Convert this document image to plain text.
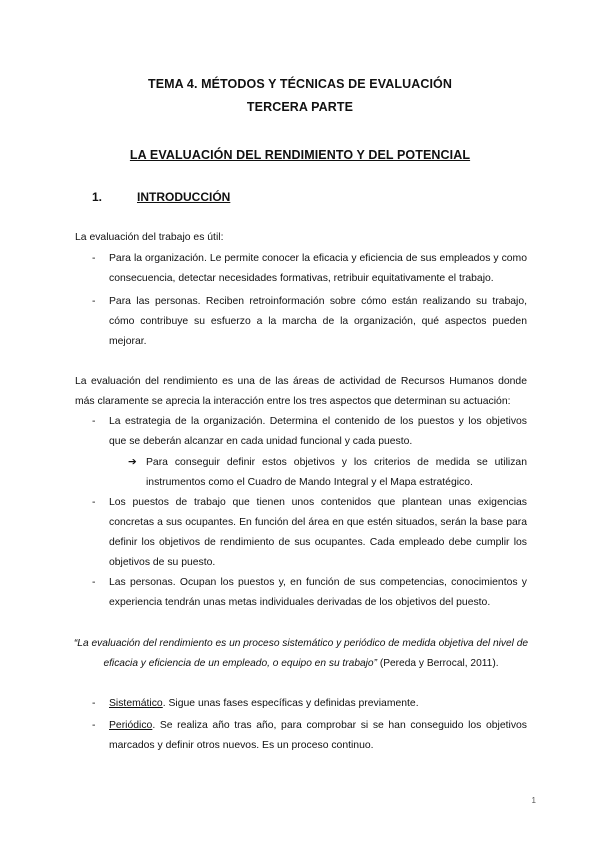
TEMA 4. MÉTODOS Y TÉCNICAS DE EVALUACIÓN
TERCERA PARTE
LA EVALUACIÓN DEL RENDIMIENTO Y DEL POTENCIAL
1.	INTRODUCCIÓN
La evaluación del trabajo es útil:
- Para la organización. Le permite conocer la eficacia y eficiencia de sus empleados y como consecuencia, detectar necesidades formativas, retribuir equitativamente el trabajo.
- Para las personas. Reciben retroinformación sobre cómo están realizando su trabajo, cómo contribuye su esfuerzo a la marcha de la organización, qué aspectos pueden mejorar.
La evaluación del rendimiento es una de las áreas de actividad de Recursos Humanos donde más claramente se aprecia la interacción entre los tres aspectos que determinan su actuación:
- La estrategia de la organización. Determina el contenido de los puestos y los objetivos que se deberán alcanzar en cada unidad funcional y cada puesto.
➔ Para conseguir definir estos objetivos y los criterios de medida se utilizan instrumentos como el Cuadro de Mando Integral y el Mapa estratégico.
- Los puestos de trabajo que tienen unos contenidos que plantean unas exigencias concretas a sus ocupantes. En función del área en que estén situados, serán la base para definir los objetivos de rendimiento de sus ocupantes. Cada empleado debe cumplir los objetivos de su puesto.
- Las personas. Ocupan los puestos y, en función de sus competencias, conocimientos y experiencia tendrán unas metas individuales derivadas de los objetivos del puesto.
“La evaluación del rendimiento es un proceso sistemático y periódico de medida objetiva del nivel de eficacia y eficiencia de un empleado, o equipo en su trabajo” (Pereda y Berrocal, 2011).
- Sistemático. Sigue unas fases específicas y definidas previamente.
- Periódico. Se realiza año tras año, para comprobar si se han conseguido los objetivos marcados y definir otros nuevos. Es un proceso continuo.
1
